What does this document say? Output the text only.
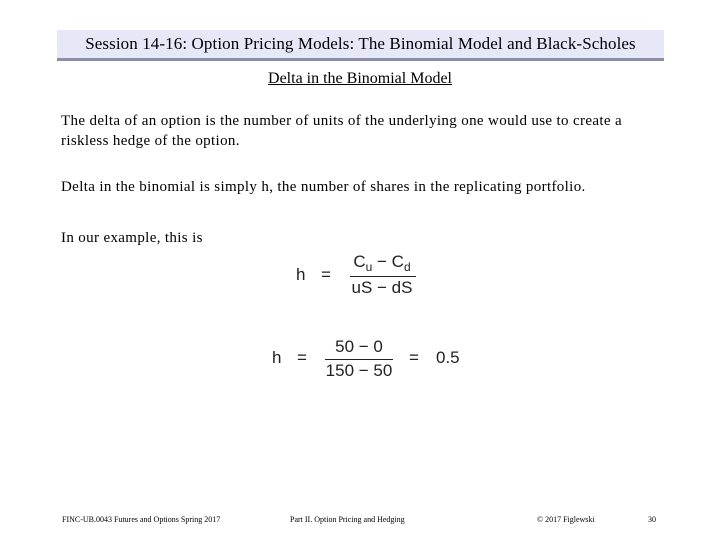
Session 14-16: Option Pricing Models: The Binomial Model and Black-Scholes
Delta in the Binomial Model
The delta of an option is the number of units of the underlying one would use to create a riskless hedge of the option.
Delta in the binomial is simply h, the number of shares in the replicating portfolio.
In our example, this is
h =
$C_u - C_d$
uS − dS
h =
50 − 0
150 − 50
= 0.5
FINC-UB.0043 Futures and Options Spring 2017	Part II. Option Pricing and Hedging	© 2017 Figlewski	30
